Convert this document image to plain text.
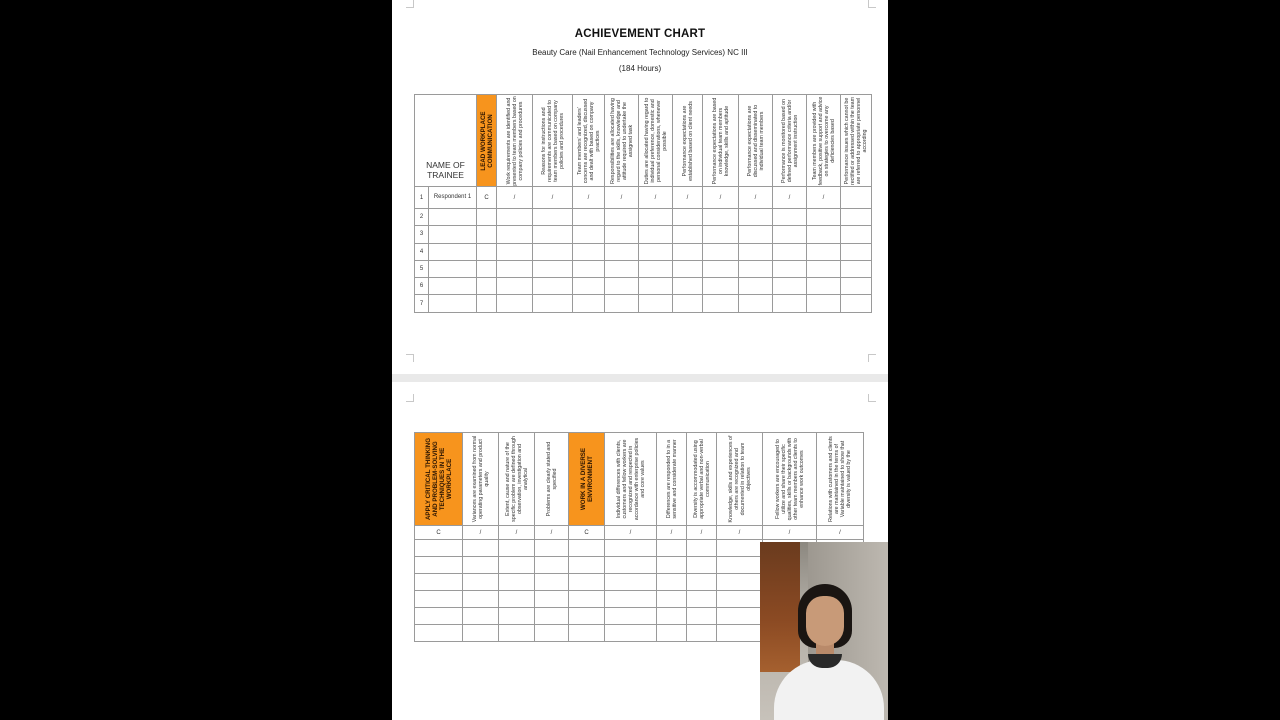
ACHIEVEMENT CHART
Beauty Care (Nail Enhancement Technology Services) NC III
(184 Hours)
NAME OF TRAINEE		LEAD WORKPLACE COMMUNICATION	Work requirements are identified and presented to team members based on company policies and procedures	Reasons for instructions and requirements are communicated to team members based on company policies and procedures	Team members' and leaders' concerns are recognized, discussed and dealt with based on company practices	Responsibilities are allocated having regard to the skills, knowledge and attitude required to undertake the assigned task	Duties are allocated having regard to individual preference, domestic and personal considerations, whenever possible	Performance expectations are established based on client needs	Performance expectations are based on individual team members knowledge, skills and aptitude	Performance expectations are discussed and disseminated to individual team members	Performance is monitored based on defined performance criteria and/or assignment instruction	Team members are provided with feedback, positive support and advice on strategies to overcome any deficiencies based	Performance issues which cannot be rectified or addressed within the team are referred to appropriate personnel according

1	Respondent 1	C	/	/	/	/	/	/	/	/	/	/	
2													
3													
4													
5													
6													
7													
APPLY CRITICAL THINKING AND PROBLEM-SOLVING TECHNIQUES IN THE WORKPLACE	Variances are examined from normal operating parameters and product quality	Extent, cause and nature of the specific problem are defined through observation, investigation and analytical	Problems are clearly stated and specified	WORK IN A DIVERSE ENVIRONMENT	Individual differences with clients, customers and fellow workers are recognized and respected in accordance with enterprise policies and core values	Differences are responded to in a sensitive and considerate manner	Diversity is accommodated using appropriate verbal and non-verbal communication	Knowledge, skills and experiences of others are recognized and documented in relation to team objectives	Fellow workers are encouraged to utilize and share their specific qualities, skills or backgrounds with other team members and clients to enhance work outcomes	Relations with customers and clients are maintained in the terms of Variable maintained to show that diversity is valued by the

C	/	/	/	C	/	/	/	/	/	/
